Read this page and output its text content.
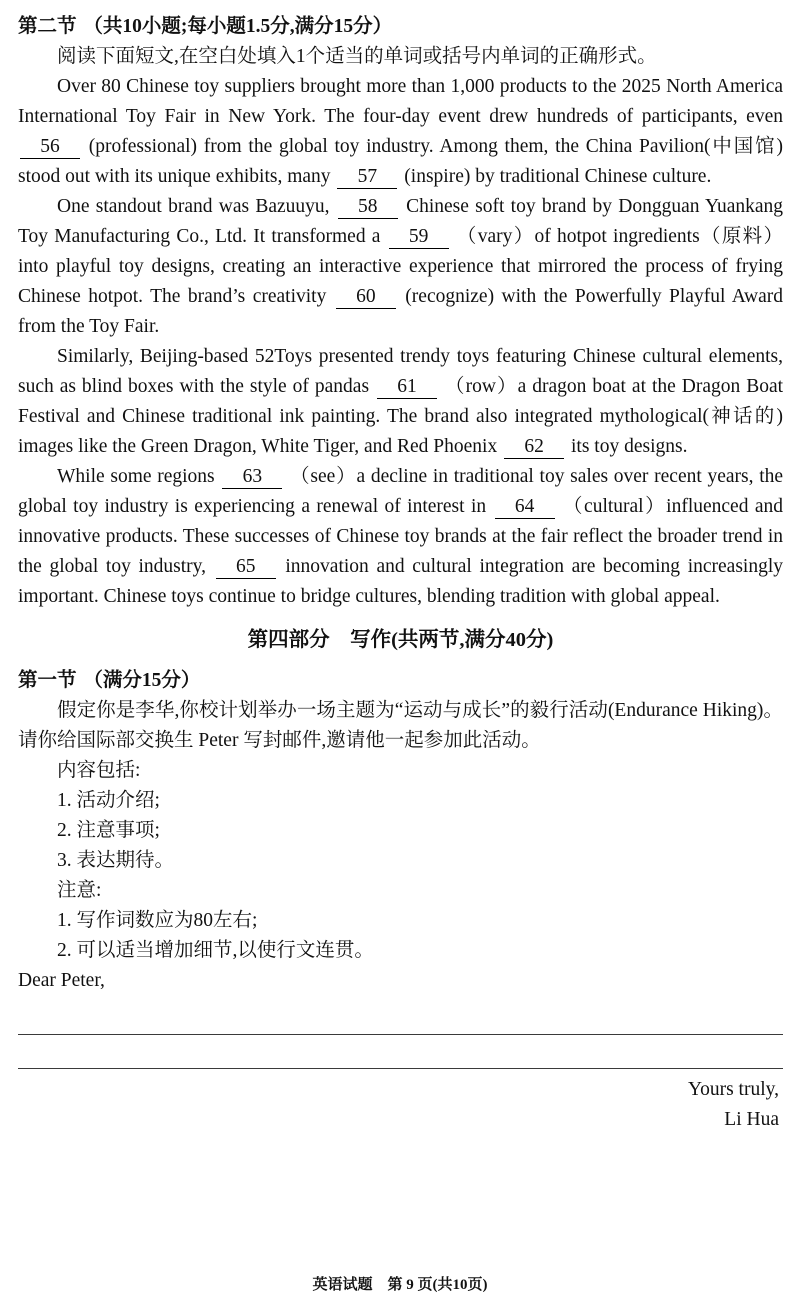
第二节 （共10小题;每小题1.5分,满分15分）

阅读下面短文,在空白处填入1个适当的单词或括号内单词的正确形式。

Over 80 Chinese toy suppliers brought more than 1,000 products to the 2025 North America International Toy Fair in New York. The four-day event drew hundreds of participants, even 56 (professional) from the global toy industry. Among them, the China Pavilion(中国馆) stood out with its unique exhibits, many 57 (inspire) by traditional Chinese culture.

One standout brand was Bazuuyu, 58 Chinese soft toy brand by Dongguan Yuankang Toy Manufacturing Co., Ltd. It transformed a 59 （vary）of hotpot ingredients（原料）into playful toy designs, creating an interactive experience that mirrored the process of frying Chinese hotpot. The brand’s creativity 60 (recognize) with the Powerfully Playful Award from the Toy Fair.

Similarly, Beijing-based 52Toys presented trendy toys featuring Chinese cultural elements, such as blind boxes with the style of pandas 61 （row）a dragon boat at the Dragon Boat Festival and Chinese traditional ink painting. The brand also integrated mythological(神话的) images like the Green Dragon, White Tiger, and Red Phoenix 62 its toy designs.

While some regions 63 （see）a decline in traditional toy sales over recent years, the global toy industry is experiencing a renewal of interest in 64 （cultural）influenced and innovative products. These successes of Chinese toy brands at the fair reflect the broader trend in the global toy industry, 65 innovation and cultural integration are becoming increasingly important. Chinese toys continue to bridge cultures, blending tradition with global appeal.

第四部分　写作(共两节,满分40分)

第一节 （满分15分）

假定你是李华,你校计划举办一场主题为“运动与成长”的毅行活动(Endurance Hiking)。请你给国际部交换生 Peter 写封邮件,邀请他一起参加此活动。

内容包括:

1. 活动介绍;

2. 注意事项;

3. 表达期待。

注意:

1. 写作词数应为80左右;

2. 可以适当增加细节,以使行文连贯。

Dear Peter,

Yours truly,

Li Hua

英语试题　第 9 页(共10页)
